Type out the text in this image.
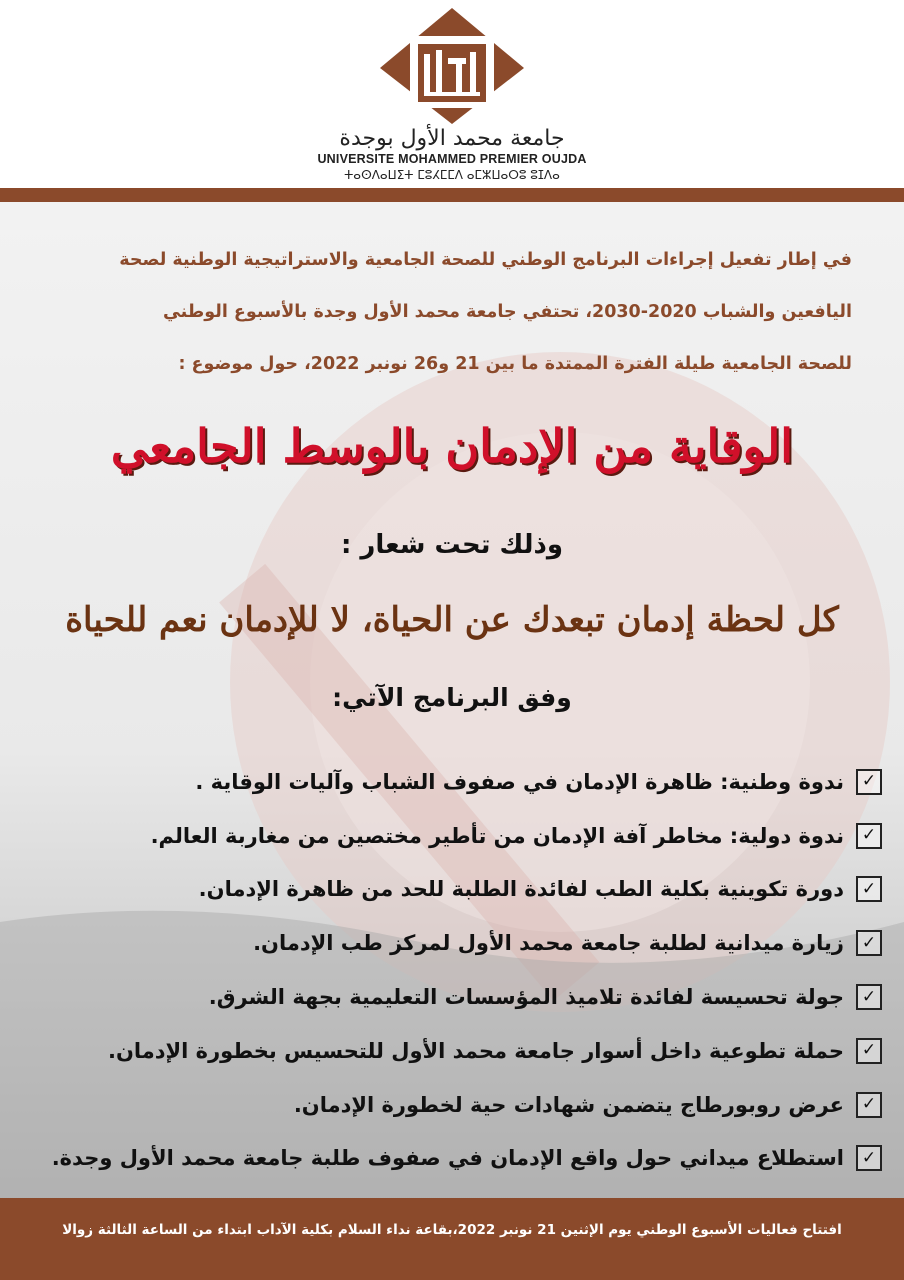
جامعة محمد الأول بوجدة
UNIVERSITE MOHAMMED PREMIER OUJDA
ⵜⴰⵙⴷⴰⵡⵉⵜ ⵎⵓⵃⵎⵎⴷ ⴰⵎⵣⵡⴰⵔⵓ ⵓⵊⴷⴰ
في إطار تفعيل إجراءات البرنامج الوطني للصحة الجامعية والاستراتيجية الوطنية لصحة
اليافعين والشباب 2020-2030، تحتفي جامعة محمد الأول وجدة بالأسبوع الوطني
للصحة الجامعية طيلة الفترة الممتدة ما بين 21 و26 نونبر 2022، حول موضوع :
الوقاية من الإدمان بالوسط الجامعي
وذلك تحت شعار :
كل لحظة إدمان تبعدك عن الحياة، لا للإدمان نعم للحياة
وفق البرنامج الآتي:
✓
ندوة وطنية: ظاهرة الإدمان في صفوف الشباب وآليات الوقاية .
✓
ندوة دولية: مخاطر آفة الإدمان من تأطير مختصين من مغاربة العالم.
✓
دورة تكوينية بكلية الطب لفائدة الطلبة للحد من ظاهرة الإدمان.
✓
زيارة ميدانية لطلبة جامعة محمد الأول لمركز طب الإدمان.
✓
جولة تحسيسة لفائدة تلاميذ المؤسسات التعليمية بجهة الشرق.
✓
حملة تطوعية داخل أسوار جامعة محمد الأول للتحسيس بخطورة الإدمان.
✓
عرض روبورطاج يتضمن شهادات حية لخطورة الإدمان.
✓
استطلاع ميداني حول واقع الإدمان في صفوف طلبة جامعة محمد الأول وجدة.
افتتاح فعاليات الأسبوع الوطني يوم الإثنين 21 نونبر 2022،بقاعة نداء السلام بكلية الآداب ابتداء من الساعة الثالثة زوالا
